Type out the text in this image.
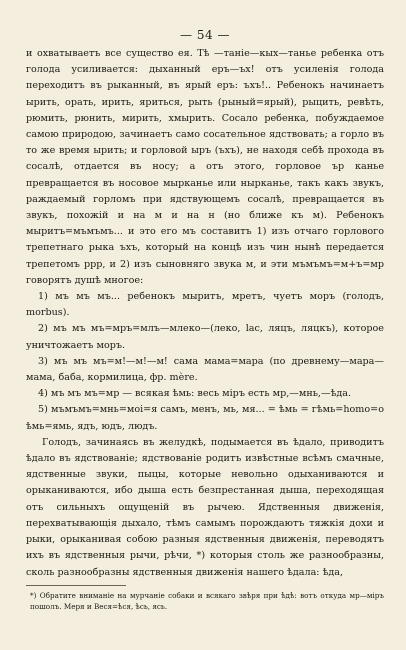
— 54 —

и охватываетъ все существо ея. Тѣ —таніе—кых—танье ребенка отъ голода усиливается: дыханный еръ—ъх! отъ усиленія голода переходитъ въ рыканный, въ ярый еръ: ъхъ!.. Ребенокъ начинаетъ ырить, орать, ирить, яриться, рыть (рыный=ярый), рыцить, ревѣть, рюмить, рюнить, мирить, хмырить. Сосало ребенка, побуждаемое самою природою, зачинаетъ само сосательное ядствовать; а горло въ то же время ырить; и горловой ыръ (ъхъ), не находя себѣ прохода въ сосалѣ, отдается въ носу; а отъ этого, горловое ър канье превращается въ носовое мырканье или нырканье, такъ какъ звукъ, раждаемый горломъ при ядствующемъ сосалѣ, превращается въ звукъ, похожій и на м и на н (но ближе къ м). Ребенокъ мыритъ=мъмъмъ... и это его мъ составитъ 1) изъ отчаго горлового трепетнаго рыка ъхъ, который на концѣ изъ чин нынѣ передается трепетомъ ррр, и 2) изъ сыновняго звука м, и эти мъмъмъ=м+ъ=мр говорятъ душѣ многое:

1) мъ мъ мъ... ребенокъ мыритъ, мретъ, чуетъ моръ (голодъ, morbus).

2) мъ мъ мъ=мръ=млъ—млеко—(лeко, lac, ляцъ, ляцкъ), которое уничтожаетъ моръ.

3) мъ мъ мъ=м!—м!—м! сама мама=мара (по древнему—мара—мама, баба, кормилица, фр. mère.

4) мъ мъ мъ=мр — всякая ѣмь: весь міръ есть мр,—мнь,—ѣда.

5) мъмъмъ=мнь=моі=я самъ, менъ, мь, мя... = ѣмь = гѣмь=homo=о ѣмь=ямь, ядъ, юдъ, людъ.

Голодъ, зачинаясь въ желудкѣ, подымается въ ѣдало, приводитъ ѣдало въ ядствованіе; ядствованіе родитъ извѣстные всѣмъ смачные, ядственные звуки, пыцы, которые невольно одыханиваются и орыканиваются, ибо дыша есть безпрестанная дыша, переходящая отъ сильныхъ ощущеній въ рычею. Ядственныя движенія, перехватывающія дыхало, тѣмъ самымъ порождаютъ тяжкія дохи и рыки, орыканивая собою разныя ядственныя движенія, переводятъ ихъ въ ядственныя рычи, рѣчи, *) которыя столь же разнообразны, сколь разнообразны ядственныя движенія нашего ѣдала: ѣда,

*) Обратите вниманіе на мурчаніе собаки и всякаго звѣря при ѣдѣ: вотъ откуда мр—міръ пошолъ. Меря и Веся=ѣся, ѣсь, ясь.
